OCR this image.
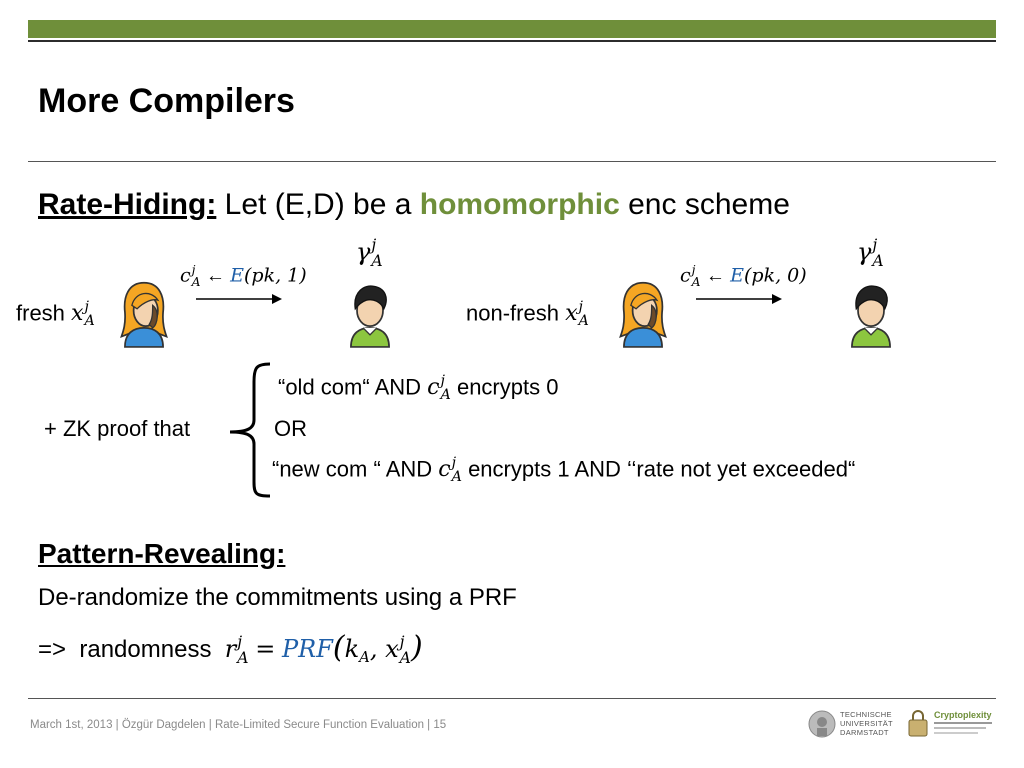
More Compilers
Rate-Hiding: Let (E,D) be a homomorphic enc scheme
fresh x j
A
c j
A ← E(pk, 1)
γ j
A
non-fresh x j
A
c j
A ← E(pk, 0)
γ j
A
+ ZK proof that
“old com“ AND c j
A encrypts 0
OR
“new com “ AND c j
A encrypts 1 AND ‘‘rate not yet exceeded“
Pattern-Revealing:
De-randomize the commitments using a PRF
=>  randomness r j
$A = PRF(k_A$, x j
A )
March 1st, 2013 | Özgür Dagdelen | Rate-Limited Secure Function Evaluation | 15
TECHNISCHE UNIVERSITÄT DARMSTADT
Cryptoplexity
